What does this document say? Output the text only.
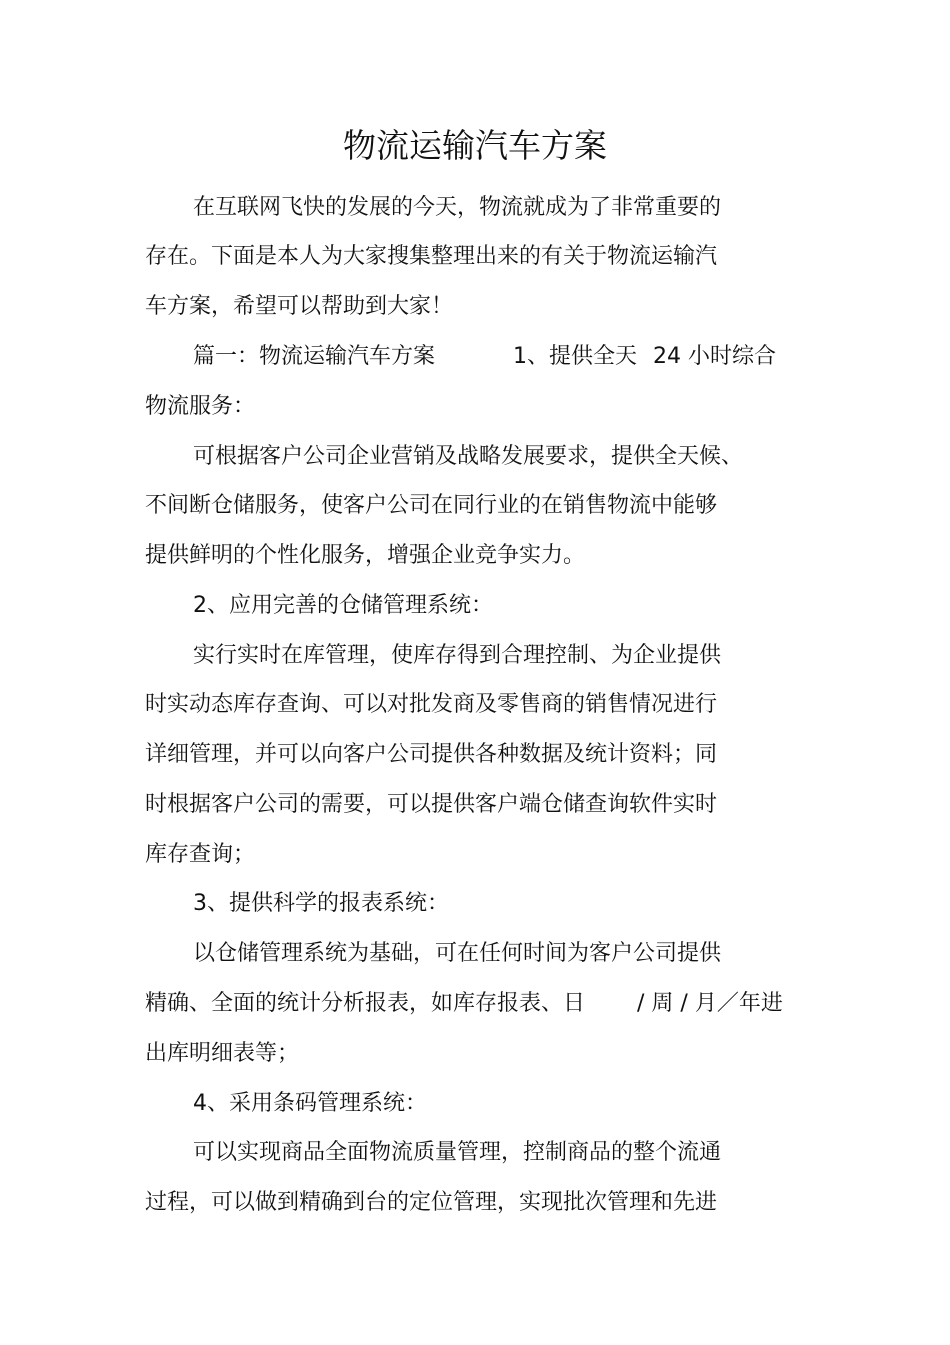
物流运输汽车方案
在互联网飞快的发展的今天，物流就成为了非常重要的
存在。下面是本人为大家搜集整理出来的有关于物流运输汽
车方案，希望可以帮助到大家！
篇一：物流运输汽车方案	1、提供全天 24 小时综合
物流服务：
可根据客户公司企业营销及战略发展要求，提供全天候、
不间断仓储服务，使客户公司在同行业的在销售物流中能够
提供鲜明的个性化服务，增强企业竞争实力。
2、应用完善的仓储管理系统：
实行实时在库管理，使库存得到合理控制、为企业提供
时实动态库存查询、可以对批发商及零售商的销售情况进行
详细管理，并可以向客户公司提供各种数据及统计资料；同
时根据客户公司的需要，可以提供客户端仓储查询软件实时
库存查询；
3、提供科学的报表系统：
以仓储管理系统为基础，可在任何时间为客户公司提供
精确、全面的统计分析报表，如库存报表、日 / 周 / 月／年进
出库明细表等；
4、采用条码管理系统：
可以实现商品全面物流质量管理，控制商品的整个流通
过程，可以做到精确到台的定位管理，实现批次管理和先进
